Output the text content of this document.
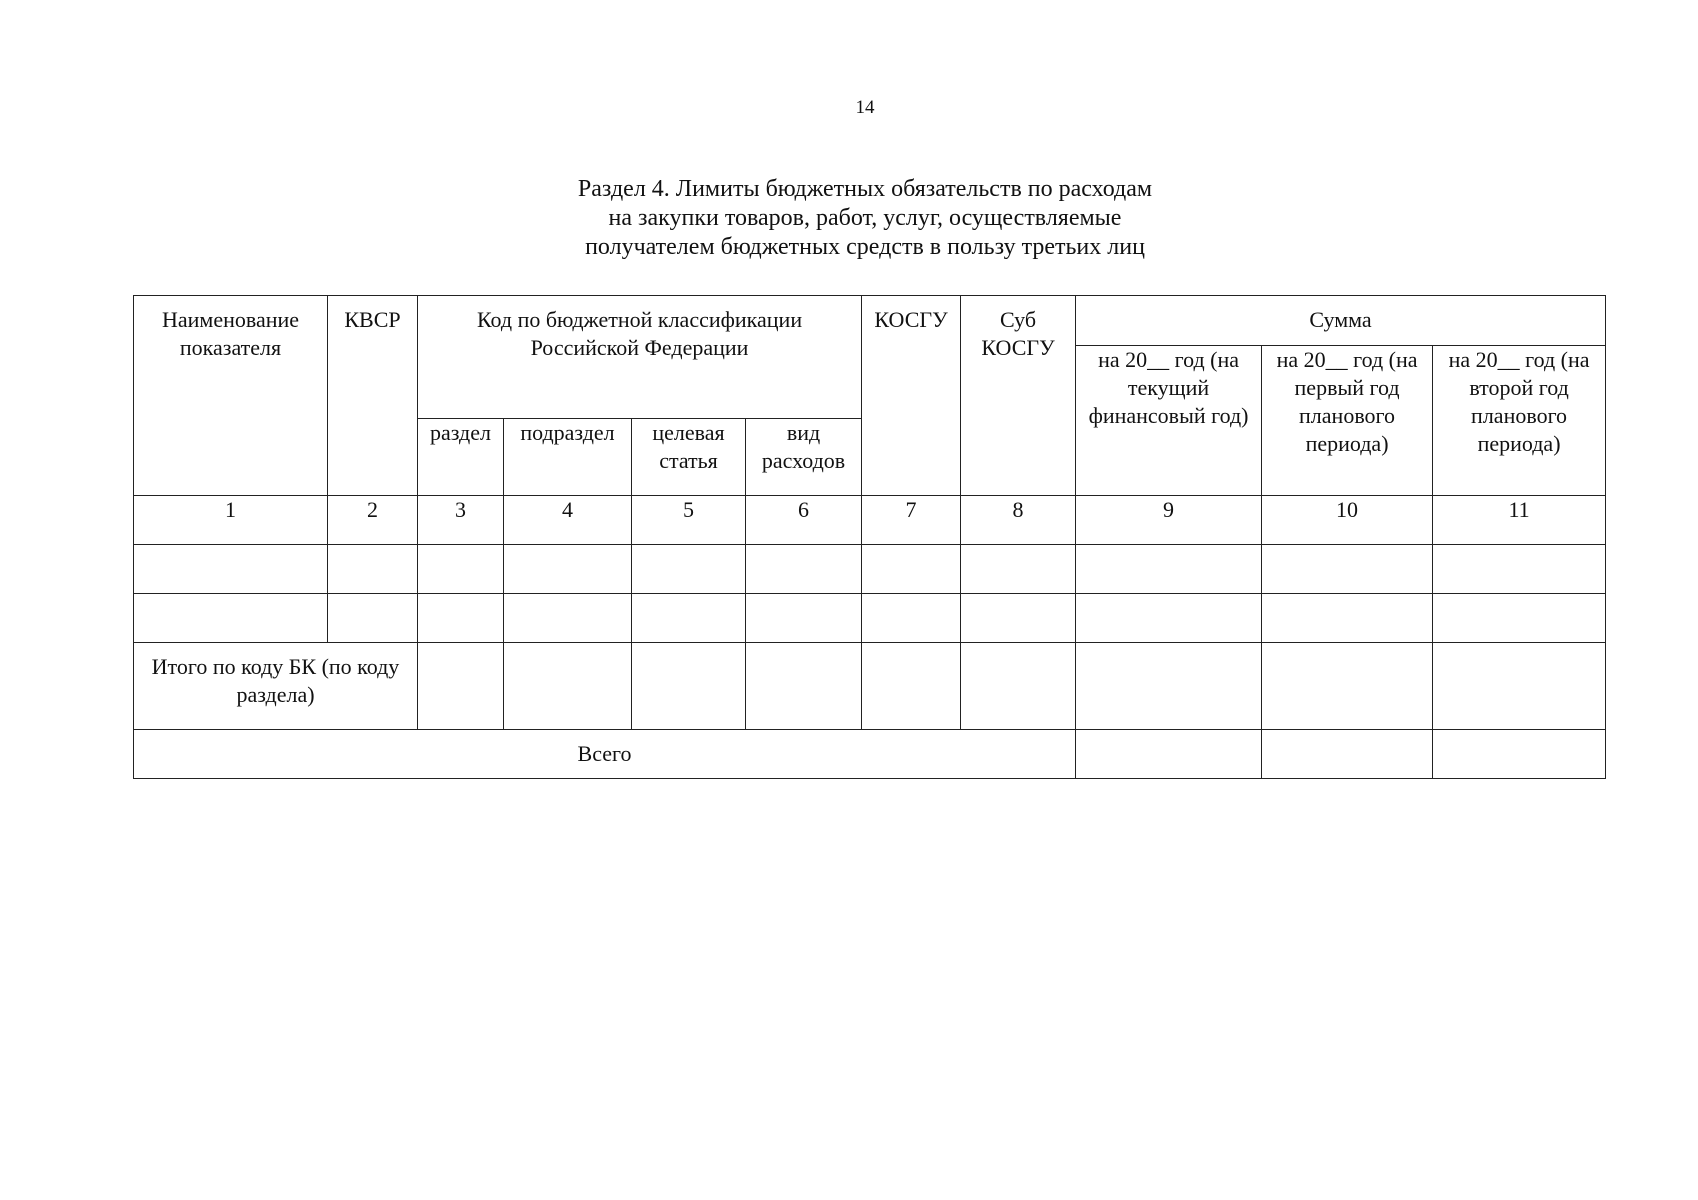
14
Раздел 4. Лимиты бюджетных обязательств по расходам
на закупки товаров, работ, услуг, осуществляемые
получателем бюджетных средств в пользу третьих лиц
Наименование показателя	КВСР	Код по бюджетной классификации Российской Федерации				КОСГУ	Суб КОСГУ	Сумма		
								на 20__ год (на текущий финансовый год)	на 20__ год (на первый год планового периода)	на 20__ год (на второй год планового периода)
		раздел	подраздел	целевая статья	вид расходов					
1	2	3	4	5	6	7	8	9	10	11

Итого по коду БК (по коду раздела)										
Всего										
